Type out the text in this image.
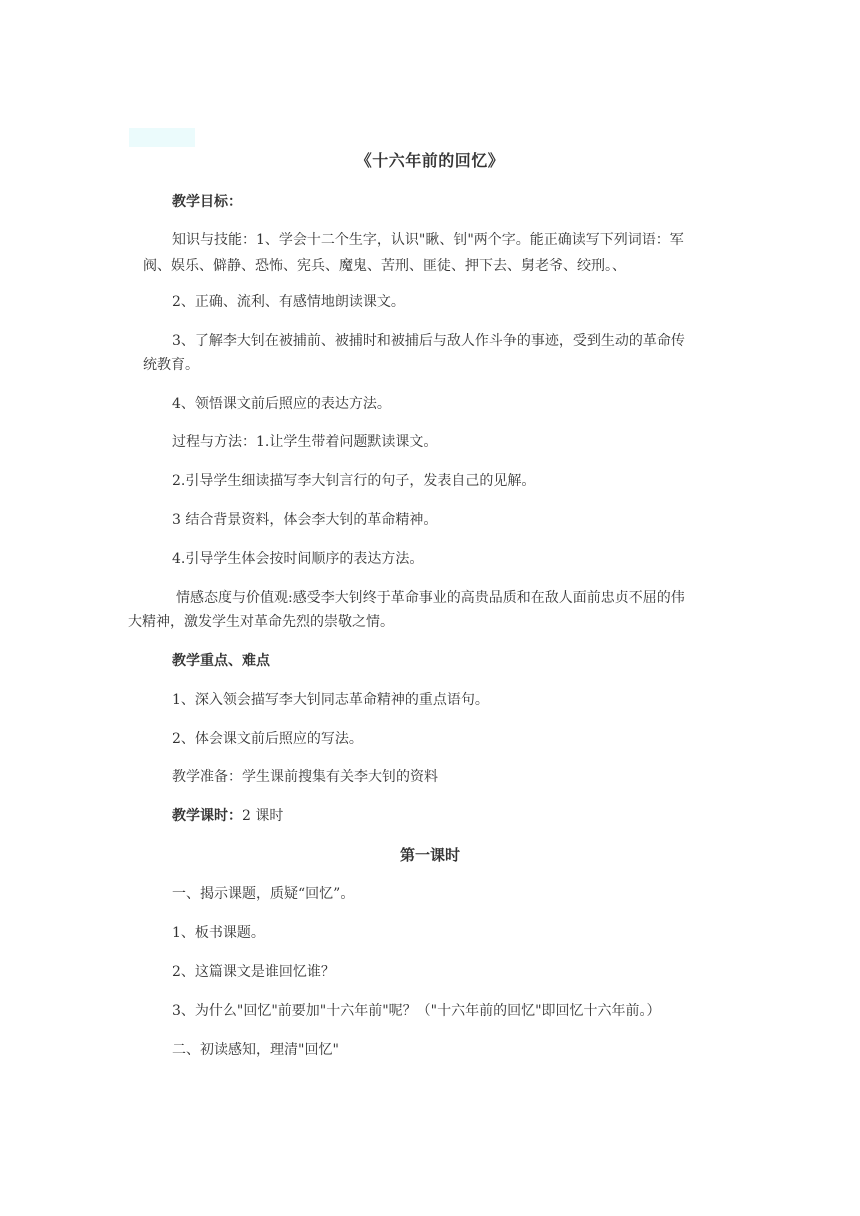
《十六年前的回忆》
教学目标：
知识与技能：1、学会十二个生字，认识"瞅、钊"两个字。能正确读写下列词语：军
阀、娱乐、僻静、恐怖、宪兵、魔鬼、苦刑、匪徒、押下去、舅老爷、绞刑。、
2、正确、流利、有感情地朗读课文。
3、了解李大钊在被捕前、被捕时和被捕后与敌人作斗争的事迹，受到生动的革命传
统教育。
4、领悟课文前后照应的表达方法。
过程与方法：1.让学生带着问题默读课文。
2.引导学生细读描写李大钊言行的句子，发表自己的见解。
3 结合背景资料，体会李大钊的革命精神。
4.引导学生体会按时间顺序的表达方法。
情感态度与价值观:感受李大钊终于革命事业的高贵品质和在敌人面前忠贞不屈的伟
大精神，激发学生对革命先烈的崇敬之情。
教学重点、难点
1、深入领会描写李大钊同志革命精神的重点语句。
2、体会课文前后照应的写法。
教学准备：学生课前搜集有关李大钊的资料
教学课时：2 课时
第一课时
一、揭示课题，质疑“回忆”。
1、板书课题。
2、这篇课文是谁回忆谁？
3、为什么"回忆"前要加"十六年前"呢？（"十六年前的回忆"即回忆十六年前。）
二、初读感知，理清"回忆"
